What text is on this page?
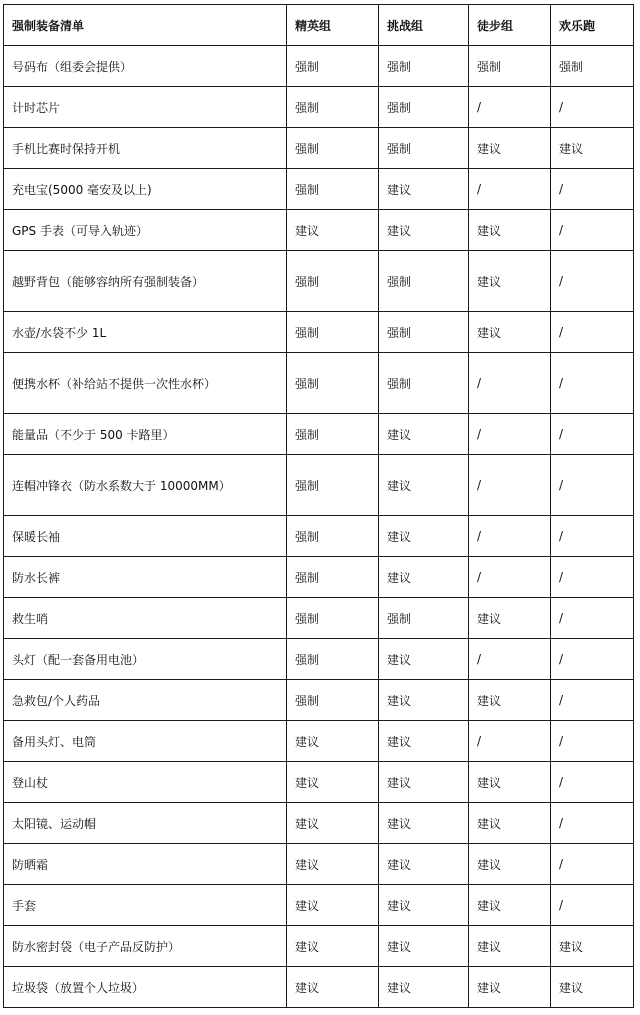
强制装备清单	精英组	挑战组	徒步组	欢乐跑
号码布（组委会提供）	强制	强制	强制	强制
计时芯片	强制	强制	/	/
手机比赛时保持开机	强制	强制	建议	建议
充电宝(5000 毫安及以上)	强制	建议	/	/
GPS 手表（可导入轨迹）	建议	建议	建议	/
越野背包（能够容纳所有强制装备）	强制	强制	建议	/
水壶/水袋不少 1L	强制	强制	建议	/
便携水杯（补给站不提供一次性水杯）	强制	强制	/	/
能量品（不少于 500 卡路里）	强制	建议	/	/
连帽冲锋衣（防水系数大于 10000MM）	强制	建议	/	/
保暖长袖	强制	建议	/	/
防水长裤	强制	建议	/	/
救生哨	强制	强制	建议	/
头灯（配一套备用电池）	强制	建议	/	/
急救包/个人药品	强制	建议	建议	/
备用头灯、电筒	建议	建议	/	/
登山杖	建议	建议	建议	/
太阳镜、运动帽	建议	建议	建议	/
防晒霜	建议	建议	建议	/
手套	建议	建议	建议	/
防水密封袋（电子产品反防护）	建议	建议	建议	建议
垃圾袋（放置个人垃圾）	建议	建议	建议	建议
